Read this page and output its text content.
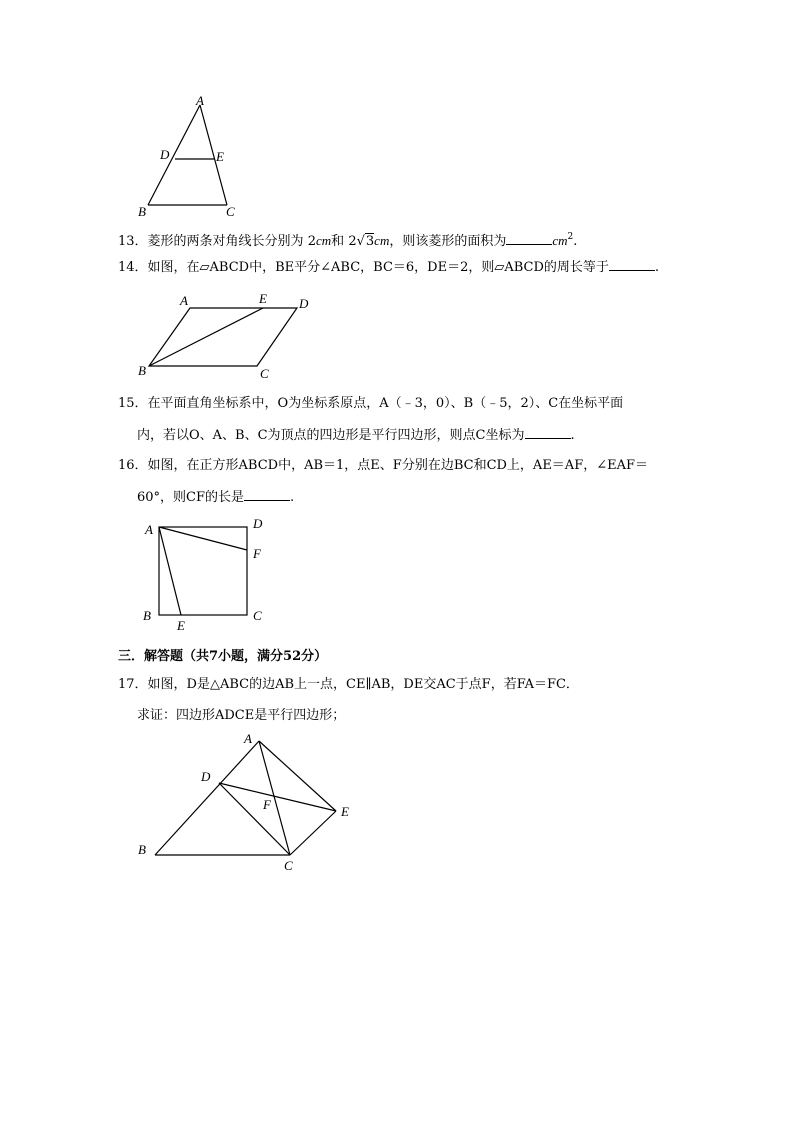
A
D	E
B	C
13．菱形的两条对角线长分别为 2cm和 2√3cm，则该菱形的面积为	$cm^2$.
14．如图，在▱ABCD中，BE平分∠ABC，BC＝6，DE＝2，则▱ABCD的周长等于	.
A	E D
B	C
15．在平面直角坐标系中，O为坐标系原点，A（﹣3，0）、B（﹣5，2）、C在坐标平面
内，若以O、A、B、C为顶点的四边形是平行四边形，则点C坐标为	.
16．如图，在正方形ABCD中，AB＝1，点E、F分别在边BC和CD上，AE＝AF，∠EAF＝
60°，则CF的长是	.
A	D
F
B	C
E
三．解答题（共7小题，满分52分）
17．如图，D是△ABC的边AB上一点，CE∥AB，DE交AC于点F，若FA＝FC．
求证：四边形ADCE是平行四边形；
A
D
F	E
B
C
